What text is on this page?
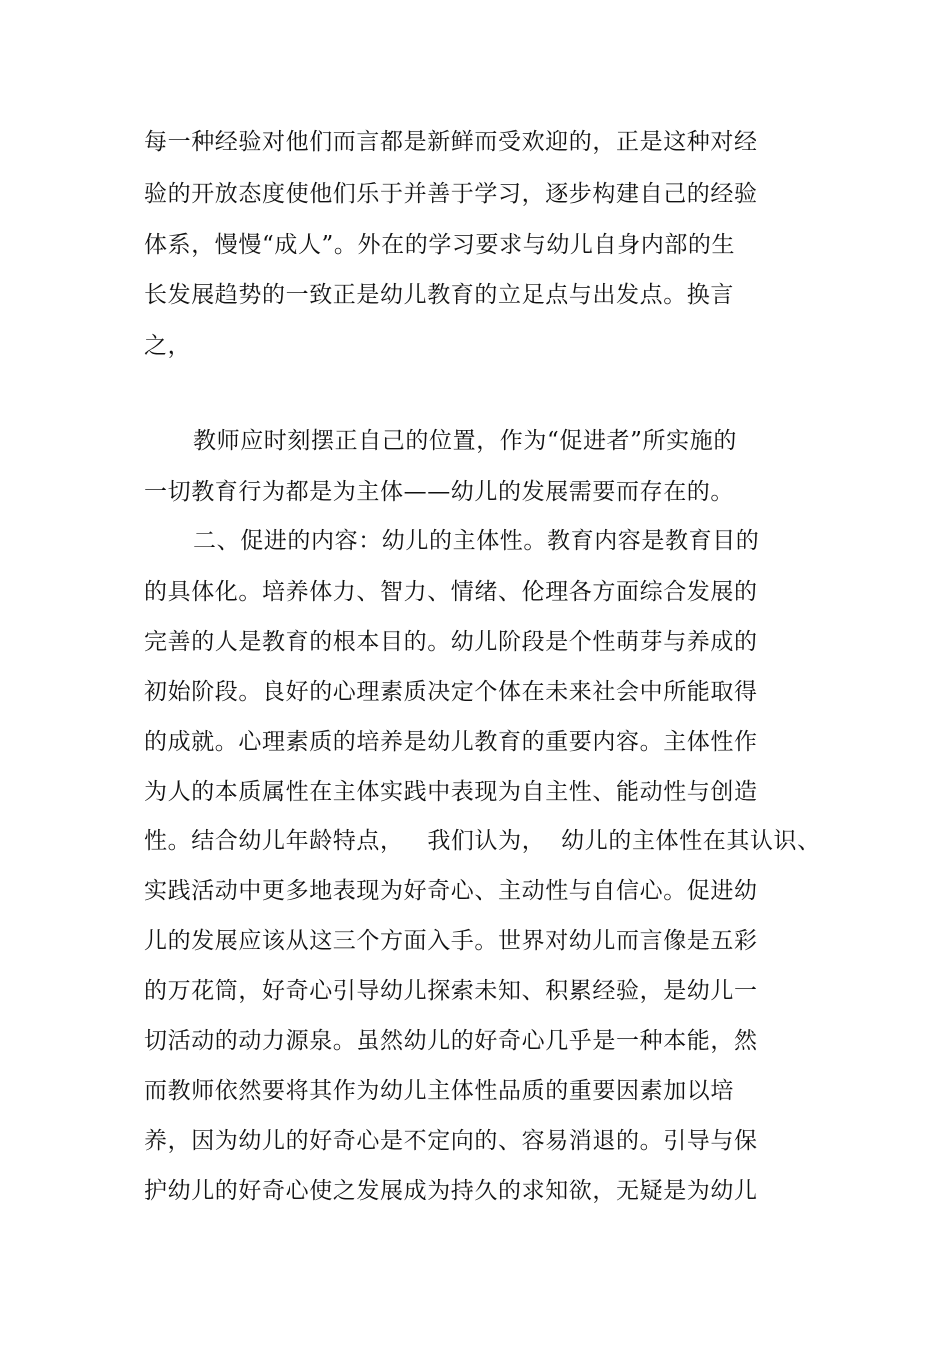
每一种经验对他们而言都是新鲜而受欢迎的，正是这种对经
验的开放态度使他们乐于并善于学习，逐步构建自己的经验
体系，慢慢“成人”。外在的学习要求与幼儿自身内部的生
长发展趋势的一致正是幼儿教育的立足点与出发点。换言
之，
教师应时刻摆正自己的位置，作为“促进者”所实施的
一切教育行为都是为主体——幼儿的发展需要而存在的。
二、促进的内容：幼儿的主体性。教育内容是教育目的
的具体化。培养体力、智力、情绪、伦理各方面综合发展的
完善的人是教育的根本目的。幼儿阶段是个性萌芽与养成的
初始阶段。良好的心理素质决定个体在未来社会中所能取得
的成就。心理素质的培养是幼儿教育的重要内容。主体性作
为人的本质属性在主体实践中表现为自主性、能动性与创造
性。结合幼儿年龄特点，   我们认为，  幼儿的主体性在其认识、
实践活动中更多地表现为好奇心、主动性与自信心。促进幼
儿的发展应该从这三个方面入手。世界对幼儿而言像是五彩
的万花筒，好奇心引导幼儿探索未知、积累经验，是幼儿一
切活动的动力源泉。虽然幼儿的好奇心几乎是一种本能，然
而教师依然要将其作为幼儿主体性品质的重要因素加以培
养，因为幼儿的好奇心是不定向的、容易消退的。引导与保
护幼儿的好奇心使之发展成为持久的求知欲，无疑是为幼儿
